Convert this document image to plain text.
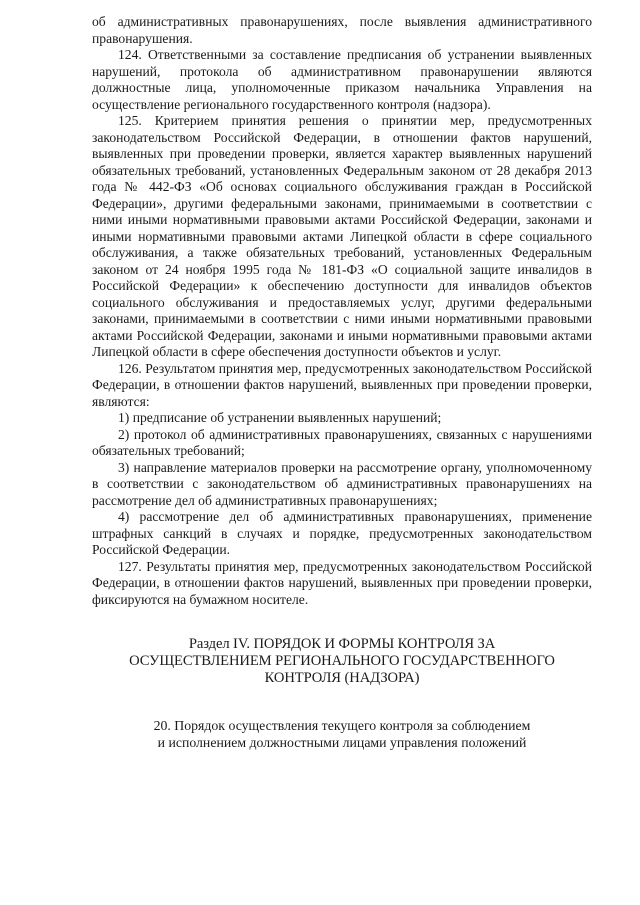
об административных правонарушениях, после выявления административного правонарушения.

124. Ответственными за составление предписания об устранении выявленных нарушений, протокола об административном правонарушении являются должностные лица, уполномоченные приказом начальника Управления на осуществление регионального государственного контроля (надзора).

125. Критерием принятия решения о принятии мер, предусмотренных законодательством Российской Федерации, в отношении фактов нарушений, выявленных при проведении проверки, является характер выявленных нарушений обязательных требований, установленных Федеральным законом от 28 декабря 2013 года № 442-ФЗ «Об основах социального обслуживания граждан в Российской Федерации», другими федеральными законами, принимаемыми в соответствии с ними иными нормативными правовыми актами Российской Федерации, законами и иными нормативными правовыми актами Липецкой области в сфере социального обслуживания, а также обязательных требований, установленных Федеральным законом от 24 ноября 1995 года № 181-ФЗ «О социальной защите инвалидов в Российской Федерации» к обеспечению доступности для инвалидов объектов социального обслуживания и предоставляемых услуг, другими федеральными законами, принимаемыми в соответствии с ними иными нормативными правовыми актами Российской Федерации, законами и иными нормативными правовыми актами Липецкой области в сфере обеспечения доступности объектов и услуг.

126. Результатом принятия мер, предусмотренных законодательством Российской Федерации, в отношении фактов нарушений, выявленных при проведении проверки, являются:

1) предписание об устранении выявленных нарушений;

2) протокол об административных правонарушениях, связанных с нарушениями обязательных требований;

3) направление материалов проверки на рассмотрение органу, уполномоченному в соответствии с законодательством об административных правонарушениях на рассмотрение дел об административных правонарушениях;

4) рассмотрение дел об административных правонарушениях, применение штрафных санкций в случаях и порядке, предусмотренных законодательством Российской Федерации.

127. Результаты принятия мер, предусмотренных законодательством Российской Федерации, в отношении фактов нарушений, выявленных при проведении проверки, фиксируются на бумажном носителе.

Раздел IV. ПОРЯДОК И ФОРМЫ КОНТРОЛЯ ЗА
ОСУЩЕСТВЛЕНИЕМ РЕГИОНАЛЬНОГО ГОСУДАРСТВЕННОГО
КОНТРОЛЯ (НАДЗОРА)
20. Порядок осуществления текущего контроля за соблюдением
и исполнением должностными лицами управления положений
